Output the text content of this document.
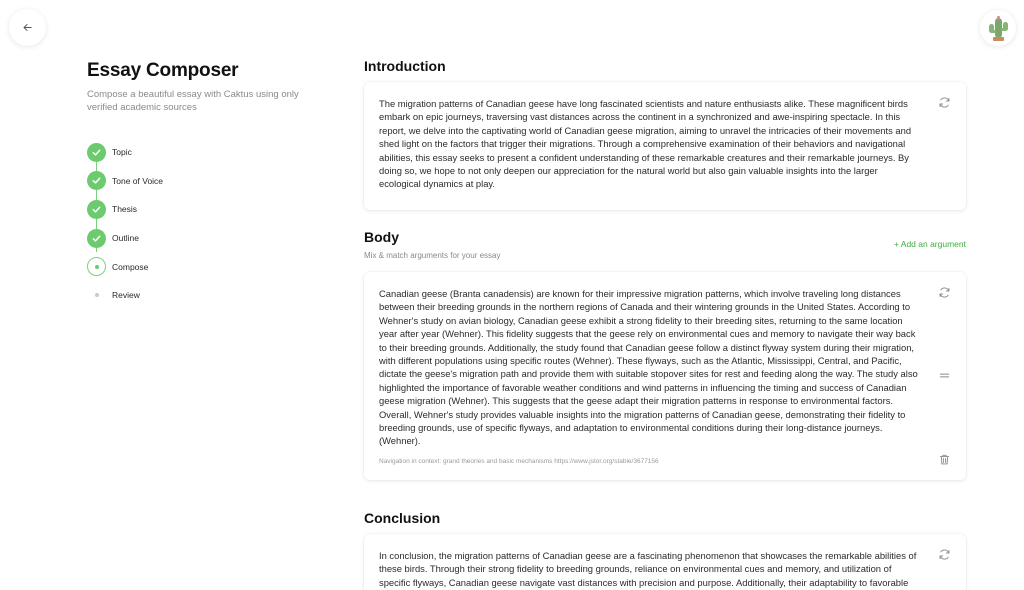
Essay Composer
Compose a beautiful essay with Caktus using only verified academic sources
Topic
Tone of Voice
Thesis
Outline
Compose
Review
Introduction

The migration patterns of Canadian geese have long fascinated scientists and nature enthusiasts alike. These magnificent birds embark on epic journeys, traversing vast distances across the continent in a synchronized and awe-inspiring spectacle. In this report, we delve into the captivating world of Canadian geese migration, aiming to unravel the intricacies of their movements and shed light on the factors that trigger their migrations. Through a comprehensive examination of their behaviors and navigational abilities, this essay seeks to present a confident understanding of these remarkable creatures and their remarkable journeys. By doing so, we hope to not only deepen our appreciation for the natural world but also gain valuable insights into the larger ecological dynamics at play.

Body
Mix & match arguments for your essay
+ Add an argument

Canadian geese (Branta canadensis) are known for their impressive migration patterns, which involve traveling long distances between their breeding grounds in the northern regions of Canada and their wintering grounds in the United States. According to Wehner's study on avian biology, Canadian geese exhibit a strong fidelity to their breeding sites, returning to the same location year after year (Wehner). This fidelity suggests that the geese rely on environmental cues and memory to navigate their way back to their breeding grounds. Additionally, the study found that Canadian geese follow a distinct flyway system during their migration, with different populations using specific routes (Wehner). These flyways, such as the Atlantic, Mississippi, Central, and Pacific, dictate the geese's migration path and provide them with suitable stopover sites for rest and feeding along the way. The study also highlighted the importance of favorable weather conditions and wind patterns in influencing the timing and success of Canadian geese migration (Wehner). This suggests that the geese adapt their migration patterns in response to environmental factors. Overall, Wehner's study provides valuable insights into the migration patterns of Canadian geese, demonstrating their fidelity to breeding grounds, use of specific flyways, and adaptation to environmental conditions during their long-distance journeys. (Wehner).

Navigation in context: grand theories and basic mechanisms https://www.jstor.org/stable/3677156
Conclusion

In conclusion, the migration patterns of Canadian geese are a fascinating phenomenon that showcases the remarkable abilities of these birds. Through their strong fidelity to breeding grounds, reliance on environmental cues and memory, and utilization of specific flyways, Canadian geese navigate vast distances with precision and purpose. Additionally, their adaptability to favorable
